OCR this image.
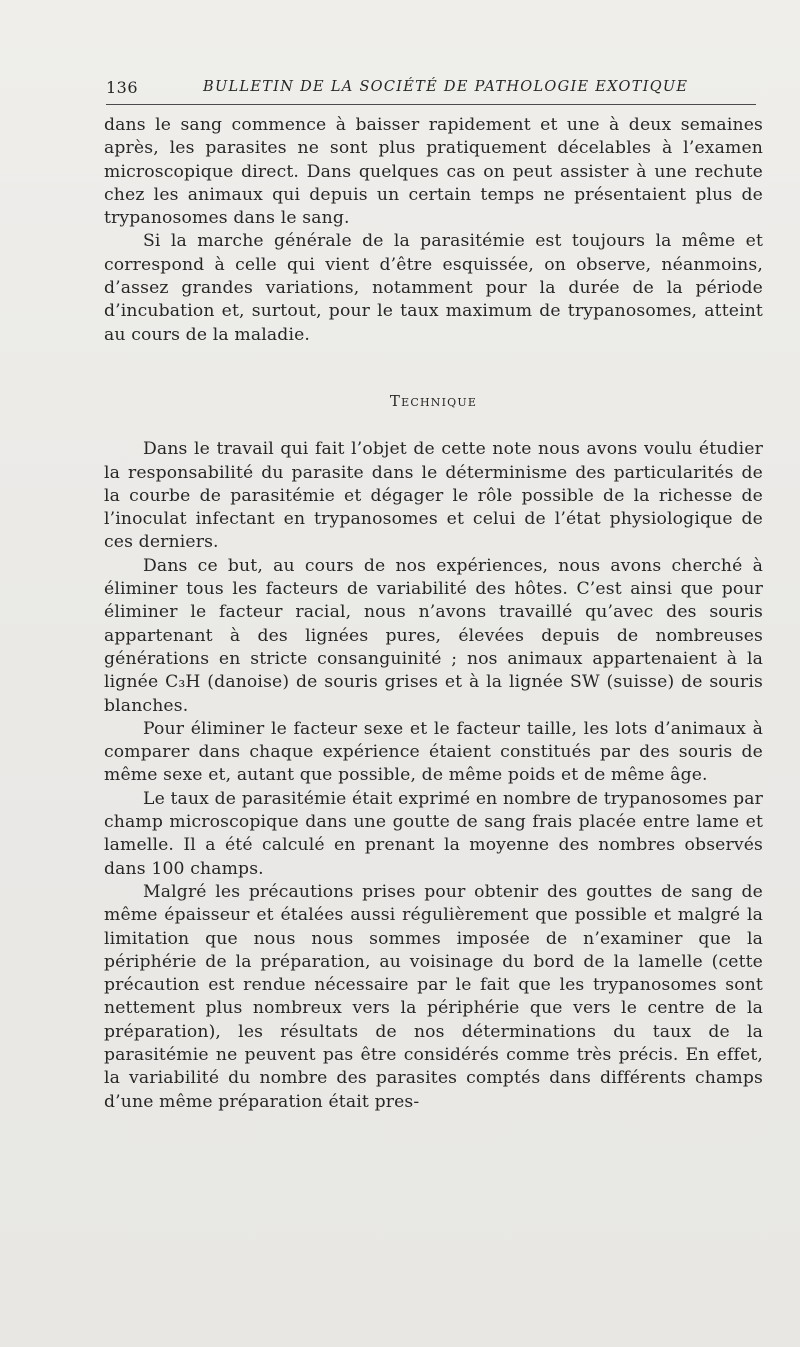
136	BULLETIN DE LA SOCIÉTÉ DE PATHOLOGIE EXOTIQUE

dans le sang commence à baisser rapidement et une à deux semaines après, les parasites ne sont plus pratiquement décelables à l’examen microscopique direct. Dans quelques cas on peut assister à une rechute chez les animaux qui depuis un certain temps ne présentaient plus de trypanosomes dans le sang.

Si la marche générale de la parasitémie est toujours la même et correspond à celle qui vient d’être esquissée, on observe, néanmoins, d’assez grandes variations, notamment pour la durée de la période d’incubation et, surtout, pour le taux maximum de trypanosomes, atteint au cours de la maladie.

Technique

Dans le travail qui fait l’objet de cette note nous avons voulu étudier la responsabilité du parasite dans le déterminisme des particularités de la courbe de parasitémie et dégager le rôle possible de la richesse de l’inoculat infectant en trypanosomes et celui de l’état physiologique de ces derniers.

Dans ce but, au cours de nos expériences, nous avons cherché à éliminer tous les facteurs de variabilité des hôtes. C’est ainsi que pour éliminer le facteur racial, nous n’avons travaillé qu’avec des souris appartenant à des lignées pures, élevées depuis de nombreuses générations en stricte consanguinité ; nos animaux appartenaient à la lignée C₃H (danoise) de souris grises et à la lignée SW (suisse) de souris blanches.

Pour éliminer le facteur sexe et le facteur taille, les lots d’animaux à comparer dans chaque expérience étaient constitués par des souris de même sexe et, autant que possible, de même poids et de même âge.

Le taux de parasitémie était exprimé en nombre de trypanosomes par champ microscopique dans une goutte de sang frais placée entre lame et lamelle. Il a été calculé en prenant la moyenne des nombres observés dans 100 champs.

Malgré les précautions prises pour obtenir des gouttes de sang de même épaisseur et étalées aussi régulièrement que possible et malgré la limitation que nous nous sommes imposée de n’examiner que la périphérie de la préparation, au voisinage du bord de la lamelle (cette précaution est rendue nécessaire par le fait que les trypanosomes sont nettement plus nombreux vers la périphérie que vers le centre de la préparation), les résultats de nos déterminations du taux de la parasitémie ne peuvent pas être considérés comme très précis. En effet, la variabilité du nombre des parasites comptés dans différents champs d’une même préparation était pres-
